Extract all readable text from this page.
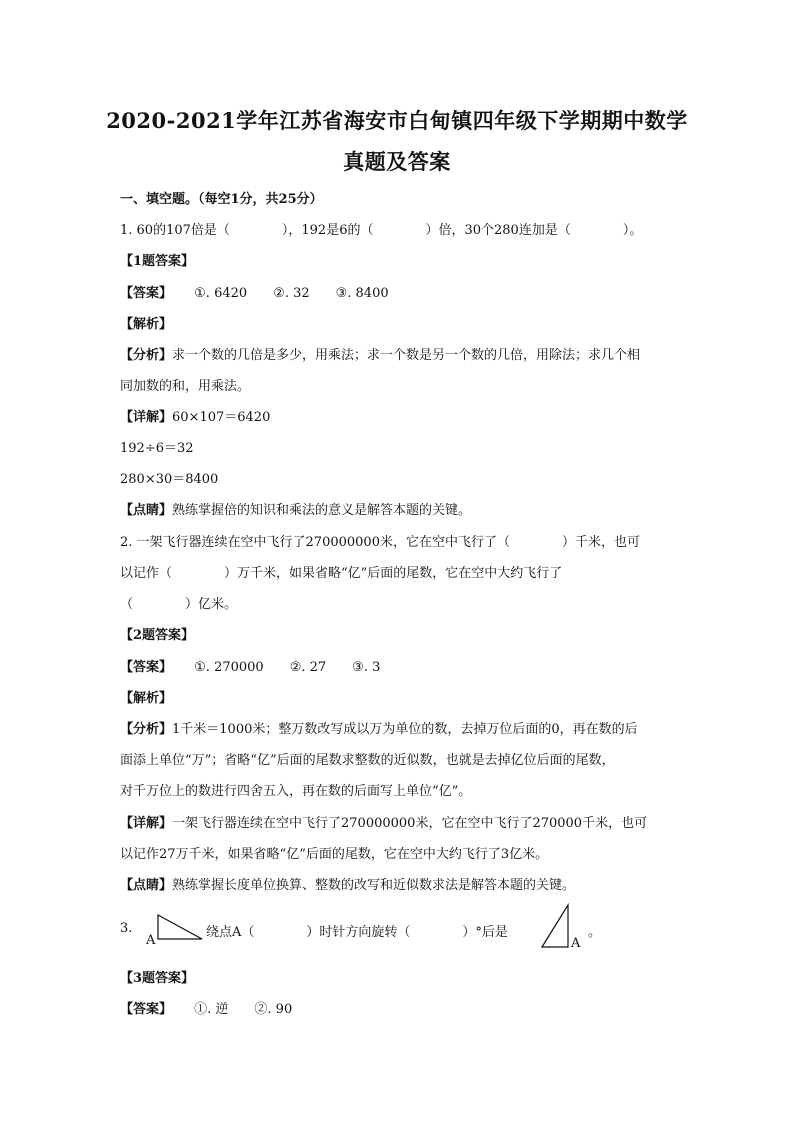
2020-2021学年江苏省海安市白甸镇四年级下学期期中数学
真题及答案
一、填空题。（每空1分，共25分）
1. 60的107倍是（　　　　），192是6的（　　　　）倍，30个280连加是（　　　　）。
【1题答案】
【答案】 ①. 6420　　②. 32　　③. 8400
【解析】
【分析】求一个数的几倍是多少，用乘法；求一个数是另一个数的几倍，用除法；求几个相
同加数的和，用乘法。
【详解】60×107＝6420
192÷6＝32
280×30＝8400
【点睛】熟练掌握倍的知识和乘法的意义是解答本题的关键。
2. 一架飞行器连续在空中飞行了270000000米，它在空中飞行了（　　　　）千米，也可
以记作（　　　　）万千米，如果省略“亿”后面的尾数，它在空中大约飞行了
（　　　　）亿米。
【2题答案】
【答案】 ①. 270000　　②. 27　　③. 3
【解析】
【分析】1千米＝1000米；整万数改写成以万为单位的数，去掉万位后面的0，再在数的后
面添上单位“万”；省略“亿”后面的尾数求整数的近似数，也就是去掉亿位后面的尾数，
对千万位上的数进行四舍五入，再在数的后面写上单位“亿”。
【详解】一架飞行器连续在空中飞行了270000000米，它在空中飞行了270000千米，也可
以记作27万千米，如果省略“亿”后面的尾数，它在空中大约飞行了3亿米。
【点睛】熟练掌握长度单位换算、整数的改写和近似数求法是解答本题的关键。
3.
A
绕点A（　　　　）时针方向旋转（　　　　）°后是
A
。
【3题答案】
【答案】 ①. 逆　　②. 90
